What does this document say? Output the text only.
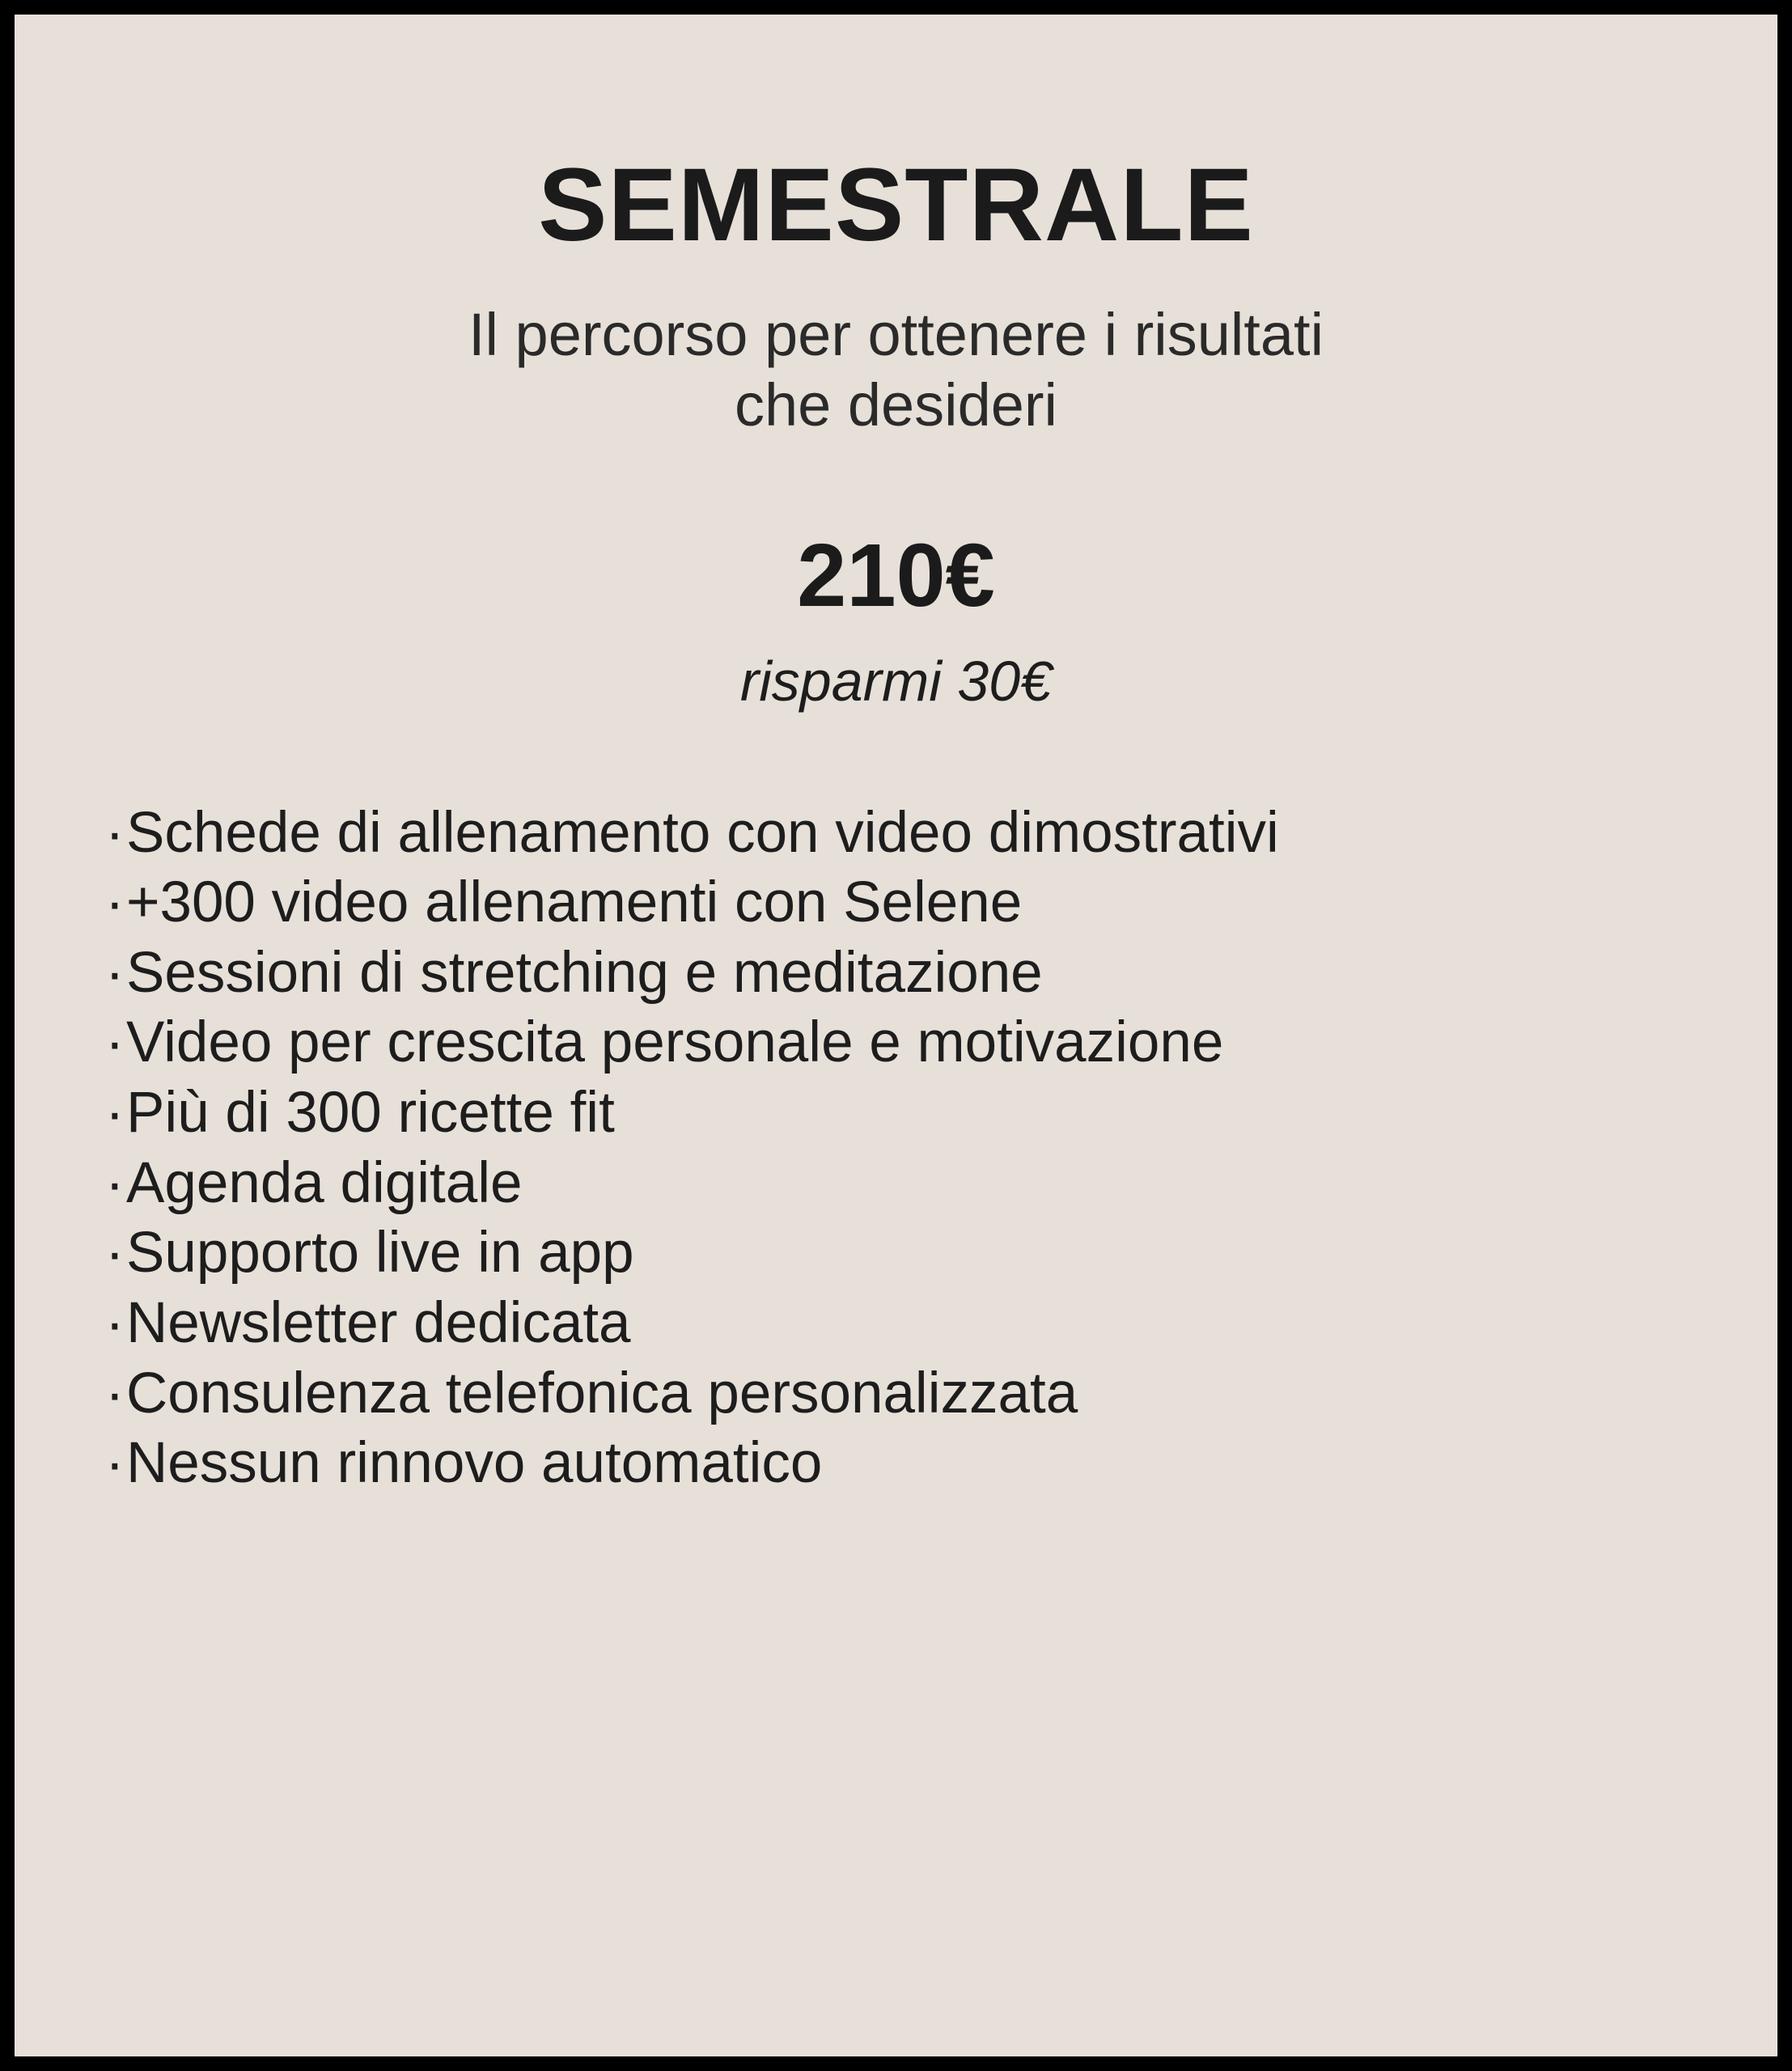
SEMESTRALE
Il percorso per ottenere i risultati che desideri
210€
risparmi 30€
· Schede di allenamento con video dimostrativi
· +300 video allenamenti con Selene
· Sessioni di stretching e meditazione
· Video per crescita personale e motivazione
· Più di 300 ricette fit
· Agenda digitale
· Supporto live in app
· Newsletter dedicata
· Consulenza telefonica personalizzata
· Nessun rinnovo automatico
